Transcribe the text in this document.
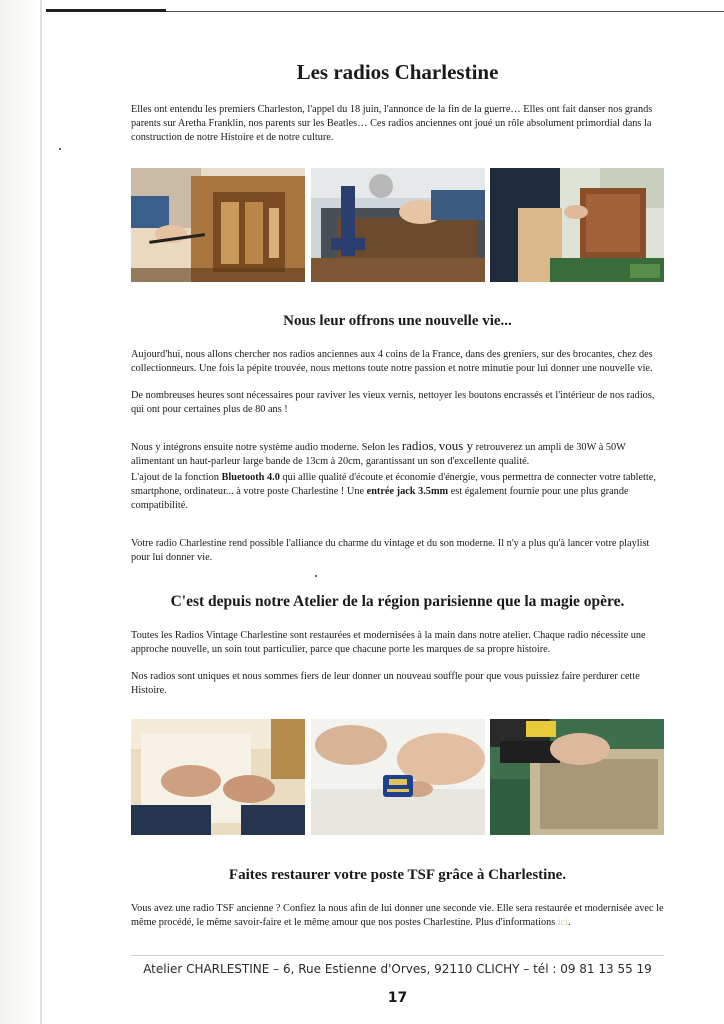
Les radios Charlestine

Elles ont entendu les premiers Charleston, l'appel du 18 juin, l'annonce de la fin de la guerre… Elles ont fait danser nos grands parents sur Aretha Franklin, nos parents sur les Beatles… Ces radios anciennes ont joué un rôle absolument primordial dans la construction de notre Histoire et de notre culture.

Nous leur offrons une nouvelle vie...

Aujourd'hui, nous allons chercher nos radios anciennes aux 4 coins de la France, dans des greniers, sur des brocantes, chez des collectionneurs. Une fois la pépite trouvée, nous mettons toute notre passion et notre minutie pour lui donner une nouvelle vie.

De nombreuses heures sont nécessaires pour raviver les vieux vernis, nettoyer les boutons encrassés et l'intérieur de nos radios, qui ont pour certaines plus de 80 ans !

Nous y intégrons ensuite notre système audio moderne. Selon les radios, vous y retrouverez un ampli de 30W à 50W alimentant un haut-parleur large bande de 13cm à 20cm, garantissant un son d'excellente qualité.

L'ajout de la fonction Bluetooth 4.0 qui allie qualité d'écoute et économie d'énergie, vous permettra de connecter votre tablette, smartphone, ordinateur... à votre poste Charlestine ! Une entrée jack 3.5mm est également fournie pour une plus grande compatibilité.

Votre radio Charlestine rend possible l'alliance du charme du vintage et du son moderne. Il n'y a plus qu'à lancer votre playlist pour lui donner vie.

C'est depuis notre Atelier de la région parisienne que la magie opère.

Toutes les Radios Vintage Charlestine sont restaurées et modernisées à la main dans notre atelier. Chaque radio nécessite une approche nouvelle, un soin tout particulier, parce que chacune porte les marques de sa propre histoire.

Nos radios sont uniques et nous sommes fiers de leur donner un nouveau souffle pour que vous puissiez faire perdurer cette Histoire.

Faites restaurer votre poste TSF grâce à Charlestine.

Vous avez une radio TSF ancienne ? Confiez la nous afin de lui donner une seconde vie. Elle sera restaurée et modernisée avec le même procédé, le même savoir-faire et le même amour que nos postes Charlestine. Plus d'informations ici.

Atelier CHARLESTINE – 6, Rue Estienne d'Orves, 92110 CLICHY – tél : 09 81 13 55 19
17
